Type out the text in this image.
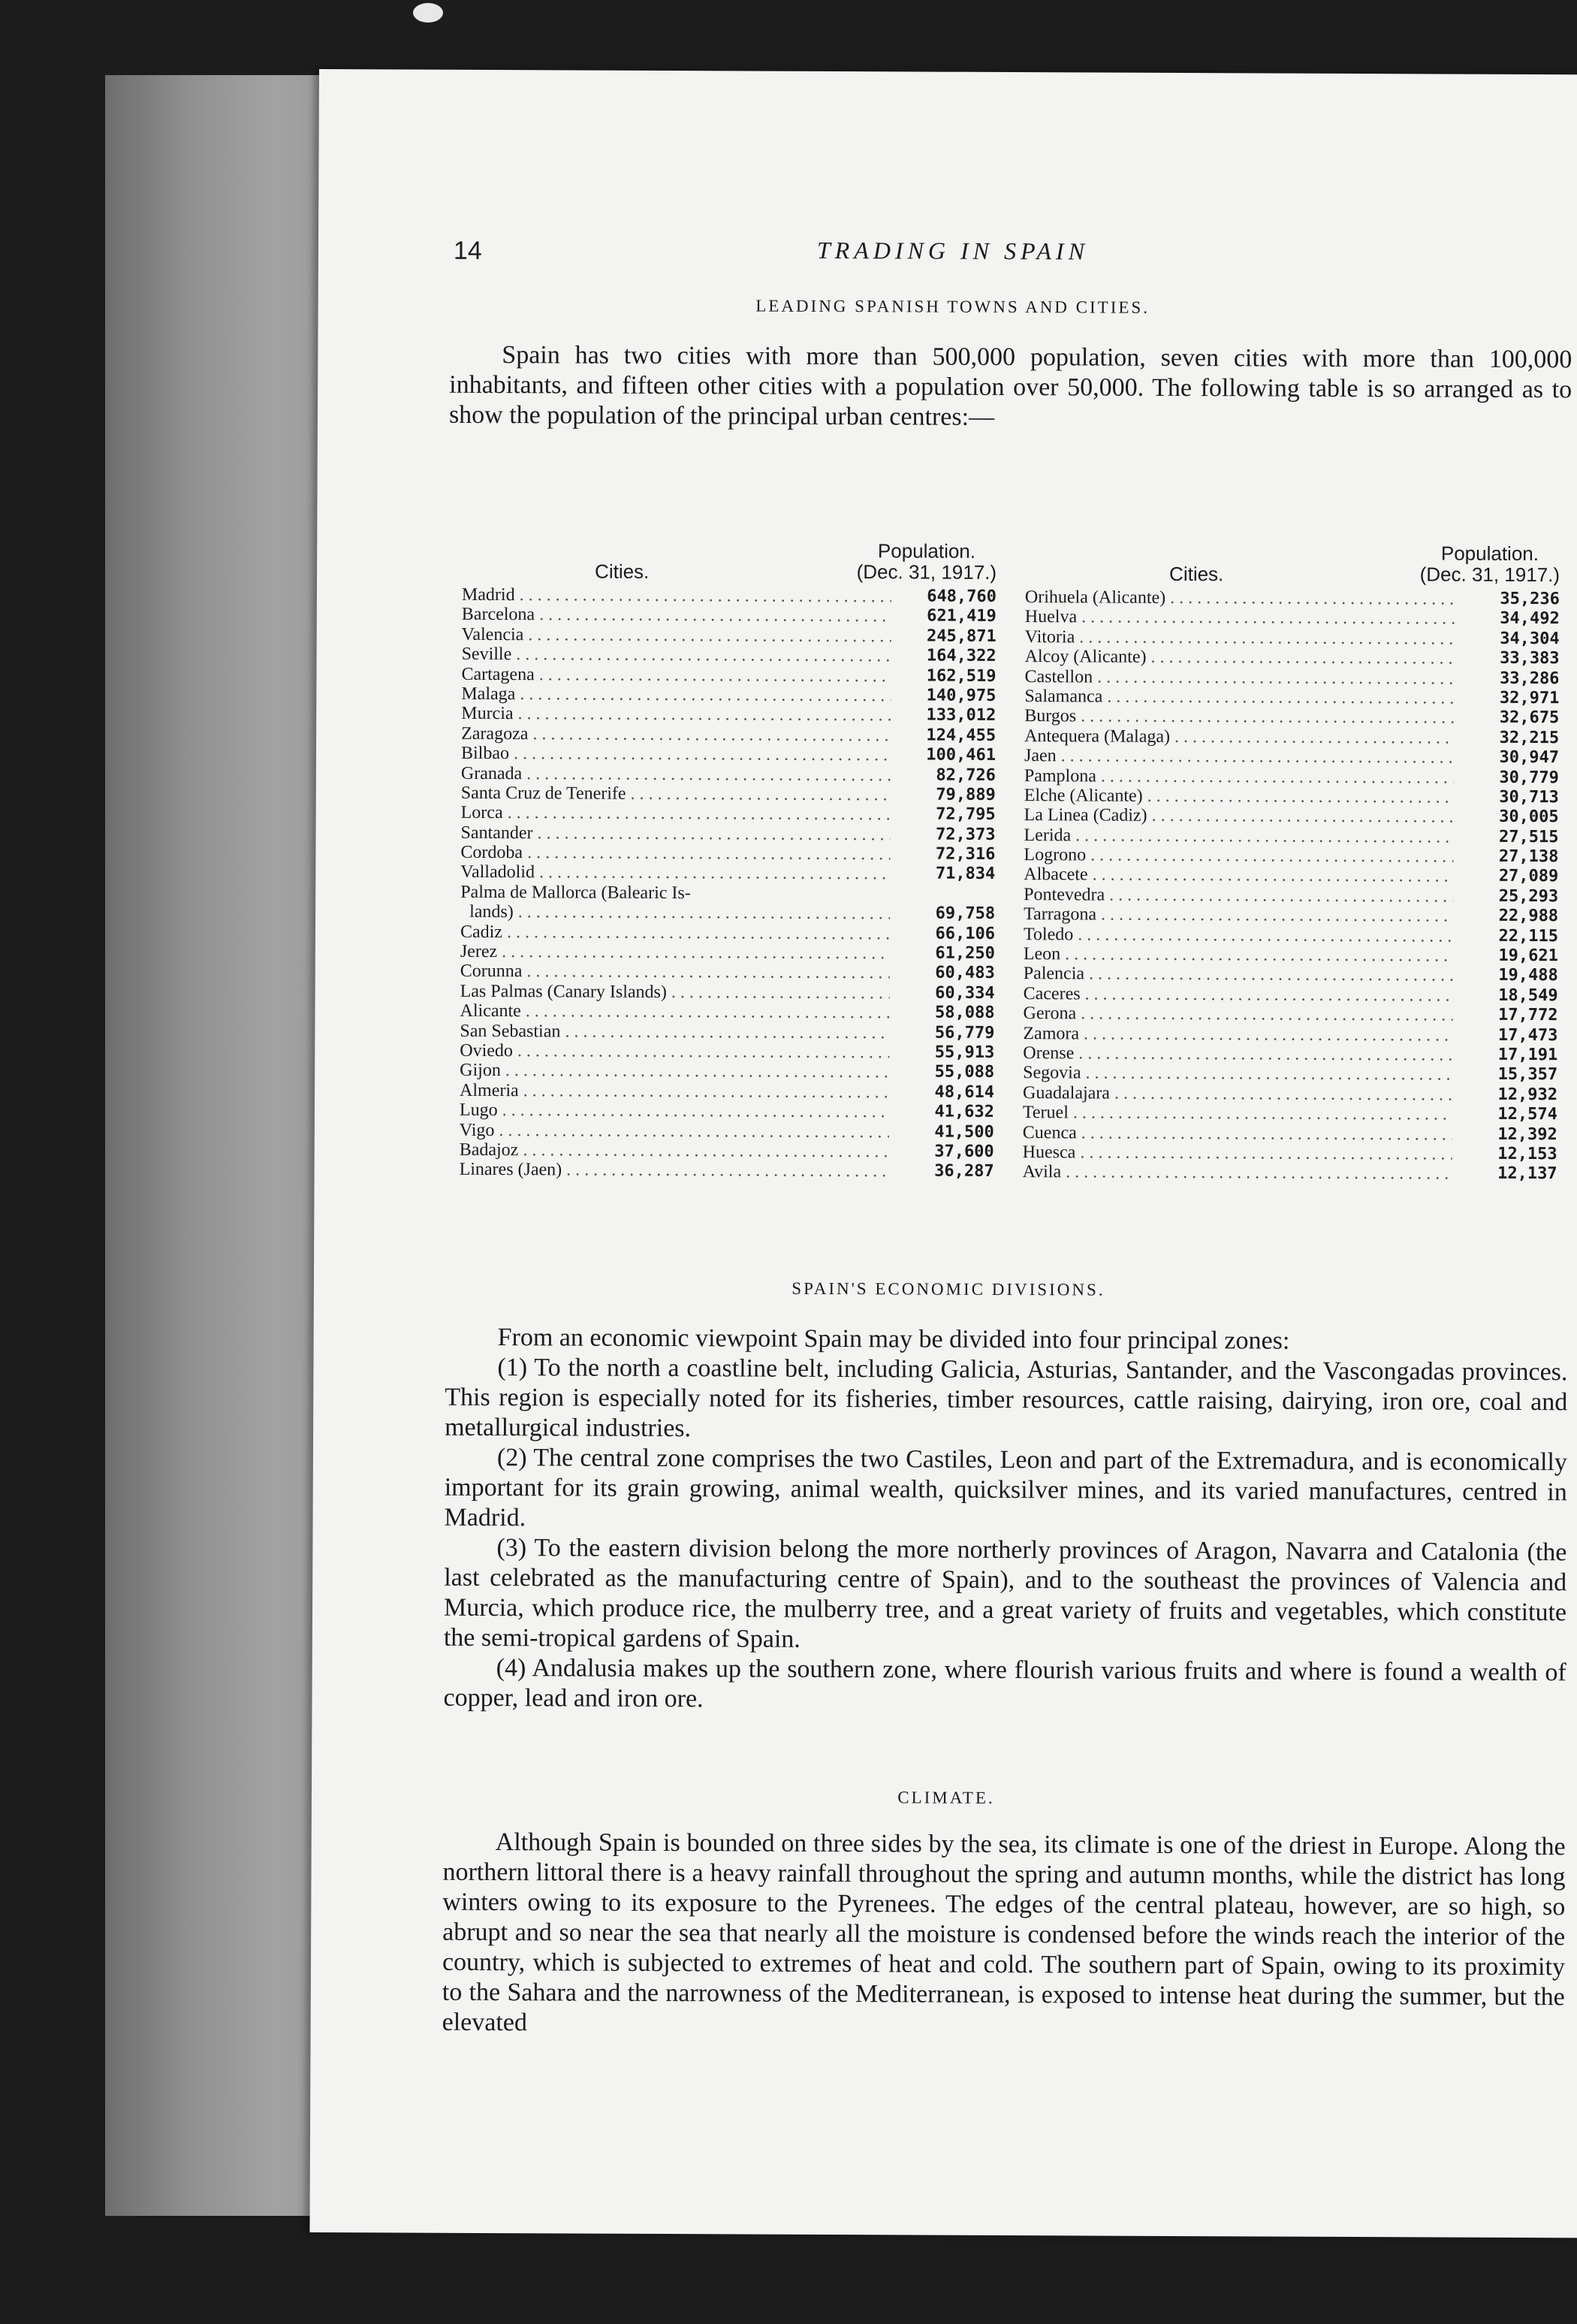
14	TRADING IN SPAIN
LEADING SPANISH TOWNS AND CITIES.

Spain has two cities with more than 500,000 population, seven cities with more than 100,000 inhabitants, and fifteen other cities with a population over 50,000. The following table is so arranged as to show the population of the principal urban centres:—

Cities.
Population.
(Dec. 31, 1917.)
Madrid . . .	648,760
Barcelona . . .	621,419
Valencia . . .	245,871
Seville . . .	164,322
Cartagena . . .	162,519
Malaga . . .	140,975
Murcia . . .	133,012
Zaragoza . . .	124,455
Bilbao . . .	100,461
Granada . . .	82,726
Santa Cruz de Tenerife . . .	79,889
Lorca . . .	72,795
Santander . . .	72,373
Cordoba . . .	72,316
Valladolid . . .	71,834
Palma de Mallorca (Balearic Is-
lands) . . .	69,758
Cadiz . . .	66,106
Jerez . . .	61,250
Corunna . . .	60,483
Las Palmas (Canary Islands) . . .	60,334
Alicante . . .	58,088
San Sebastian . . .	56,779
Oviedo . . .	55,913
Gijon . . .	55,088
Almeria . . .	48,614
Lugo . . .	41,632
Vigo . . .	41,500
Badajoz . . .	37,600
Linares (Jaen) . . .	36,287
Cities.
Population.
(Dec. 31, 1917.)
Orihuela (Alicante) . . .	35,236
Huelva . . .	34,492
Vitoria . . .	34,304
Alcoy (Alicante) . . .	33,383
Castellon . . .	33,286
Salamanca . . .	32,971
Burgos . . .	32,675
Antequera (Malaga) . . .	32,215
Jaen . . .	30,947
Pamplona . . .	30,779
Elche (Alicante) . . .	30,713
La Linea (Cadiz) . . .	30,005
Lerida . . .	27,515
Logrono . . .	27,138
Albacete . . .	27,089
Pontevedra . . .	25,293
Tarragona . . .	22,988
Toledo . . .	22,115
Leon . . .	19,621
Palencia . . .	19,488
Caceres . . .	18,549
Gerona . . .	17,772
Zamora . . .	17,473
Orense . . .	17,191
Segovia . . .	15,357
Guadalajara . . .	12,932
Teruel . . .	12,574
Cuenca . . .	12,392
Huesca . . .	12,153
Avila . . .	12,137
SPAIN'S ECONOMIC DIVISIONS.

From an economic viewpoint Spain may be divided into four principal zones:

(1) To the north a coastline belt, including Galicia, Asturias, Santander, and the Vascongadas provinces. This region is especially noted for its fisheries, timber resources, cattle raising, dairying, iron ore, coal and metallurgical industries.

(2) The central zone comprises the two Castiles, Leon and part of the Extremadura, and is economically important for its grain growing, animal wealth, quicksilver mines, and its varied manufactures, centred in Madrid.

(3) To the eastern division belong the more northerly provinces of Aragon, Navarra and Catalonia (the last celebrated as the manufacturing centre of Spain), and to the southeast the provinces of Valencia and Murcia, which produce rice, the mulberry tree, and a great variety of fruits and vegetables, which constitute the semi-tropical gardens of Spain.

(4) Andalusia makes up the southern zone, where flourish various fruits and where is found a wealth of copper, lead and iron ore.

CLIMATE.

Although Spain is bounded on three sides by the sea, its climate is one of the driest in Europe. Along the northern littoral there is a heavy rainfall throughout the spring and autumn months, while the district has long winters owing to its exposure to the Pyrenees. The edges of the central plateau, however, are so high, so abrupt and so near the sea that nearly all the moisture is condensed before the winds reach the interior of the country, which is subjected to extremes of heat and cold. The southern part of Spain, owing to its proximity to the Sahara and the narrowness of the Mediterranean, is exposed to intense heat during the summer, but the elevated
